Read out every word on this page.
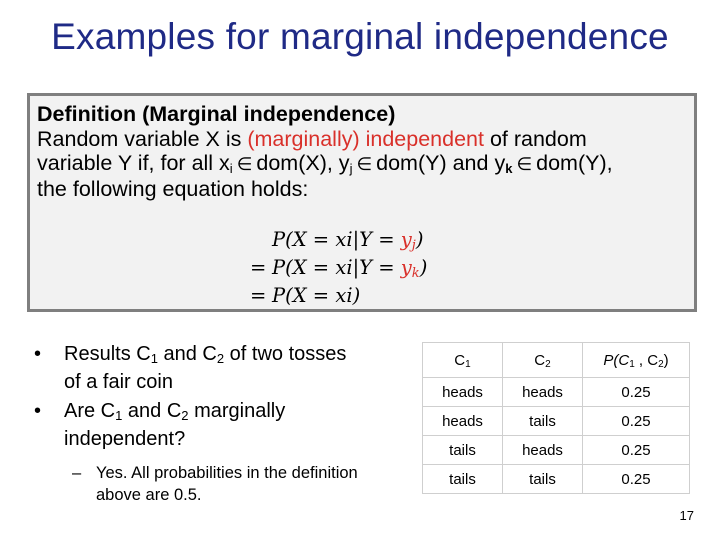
Examples for marginal independence
Definition (Marginal independence)
Random variable X is (marginally) independent of random
variable Y if, for all $x_i$ ∈ dom(X), $y_j$ ∈ dom(Y) and $y_k$ ∈ dom(Y),
the following equation holds:
$P(X = xi|Y = y_j)$
= $P(X = xi|Y = y_k)$
= P(X = xi)
• Results $C_1$ and $C_2$ of two tosses of a fair coin
• Are $C_1$ and $C_2$ marginally independent?
– Yes. All probabilities in the definition above are 0.5.
$C_1$	$C_2$	$P(C_1$ , $C_2$)
heads	heads	0.25
heads	tails	0.25
tails	heads	0.25
tails	tails	0.25
17
